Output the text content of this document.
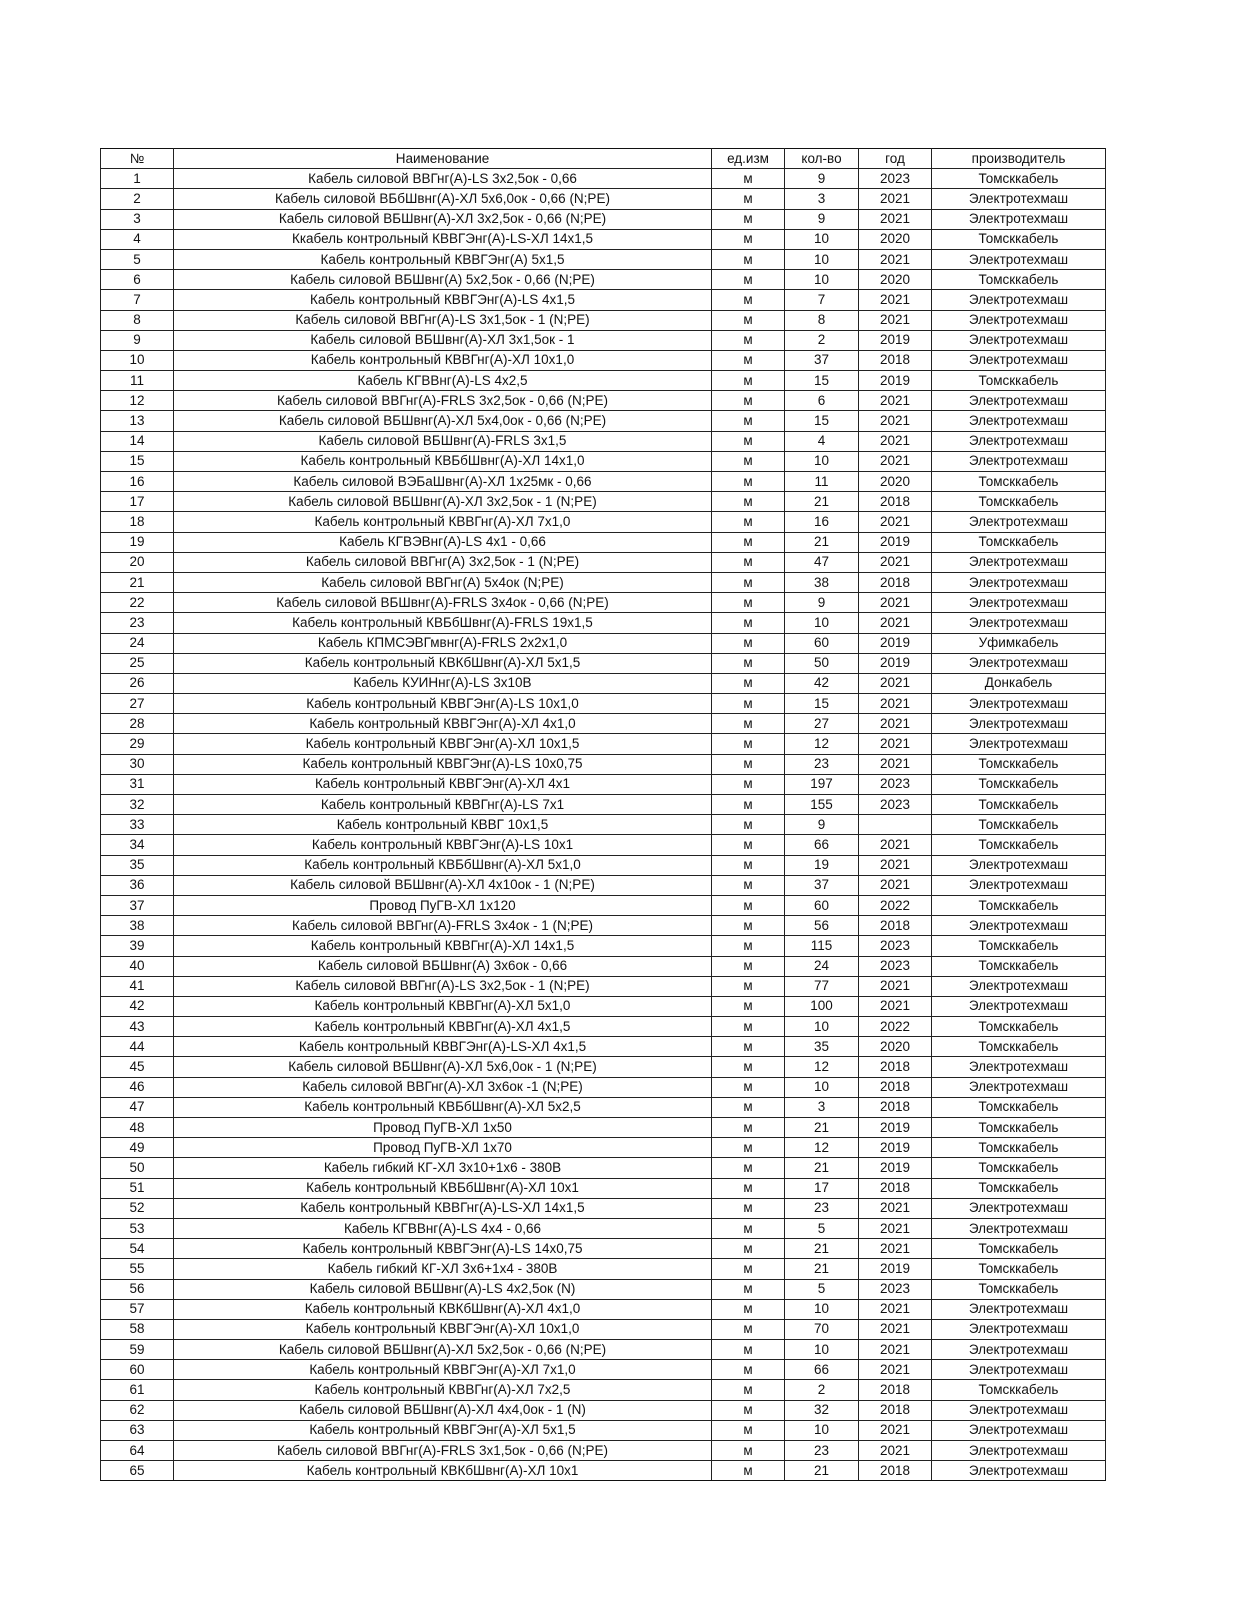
№	Наименование	ед.изм	кол-во	год	производитель
1	Кабель силовой ВВГнг(А)-LS 3х2,5ок - 0,66	м	9	2023	Томсккабель
2	Кабель силовой ВБбШвнг(А)-ХЛ 5х6,0ок - 0,66 (N;PE)	м	3	2021	Электротехмаш
3	Кабель силовой ВБШвнг(А)-ХЛ 3х2,5ок - 0,66 (N;PE)	м	9	2021	Электротехмаш
4	Ккабель контрольный КВВГЭнг(А)-LS-ХЛ 14х1,5	м	10	2020	Томсккабель
5	Кабель контрольный КВВГЭнг(А) 5х1,5	м	10	2021	Электротехмаш
6	Кабель силовой ВБШвнг(А) 5х2,5ок - 0,66 (N;PE)	м	10	2020	Томсккабель
7	Кабель контрольный КВВГЭнг(А)-LS 4х1,5	м	7	2021	Электротехмаш
8	Кабель силовой ВВГнг(А)-LS 3х1,5ок - 1 (N;PE)	м	8	2021	Электротехмаш
9	Кабель силовой ВБШвнг(А)-ХЛ 3х1,5ок - 1	м	2	2019	Электротехмаш
10	Кабель контрольный КВВГнг(А)-ХЛ 10х1,0	м	37	2018	Электротехмаш
11	Кабель КГВВнг(А)-LS 4х2,5	м	15	2019	Томсккабель
12	Кабель силовой ВВГнг(А)-FRLS 3х2,5ок - 0,66 (N;PE)	м	6	2021	Электротехмаш
13	Кабель силовой ВБШвнг(А)-ХЛ 5х4,0ок - 0,66 (N;PE)	м	15	2021	Электротехмаш
14	Кабель силовой ВБШвнг(А)-FRLS 3х1,5	м	4	2021	Электротехмаш
15	Кабель контрольный КВБбШвнг(А)-ХЛ 14х1,0	м	10	2021	Электротехмаш
16	Кабель силовой ВЭБаШвнг(А)-ХЛ 1х25мк - 0,66	м	11	2020	Томсккабель
17	Кабель силовой ВБШвнг(А)-ХЛ 3х2,5ок - 1 (N;PE)	м	21	2018	Томсккабель
18	Кабель контрольный КВВГнг(А)-ХЛ 7х1,0	м	16	2021	Электротехмаш
19	Кабель КГВЭВнг(А)-LS 4х1 - 0,66	м	21	2019	Томсккабель
20	Кабель силовой ВВГнг(А) 3х2,5ок - 1 (N;PE)	м	47	2021	Электротехмаш
21	Кабель силовой ВВГнг(А) 5х4ок (N;PE)	м	38	2018	Электротехмаш
22	Кабель силовой ВБШвнг(А)-FRLS 3х4ок - 0,66 (N;PE)	м	9	2021	Электротехмаш
23	Кабель контрольный КВБбШвнг(А)-FRLS 19х1,5	м	10	2021	Электротехмаш
24	Кабель КПМСЭВГмвнг(А)-FRLS 2х2х1,0	м	60	2019	Уфимкабель
25	Кабель контрольный КВКбШвнг(А)-ХЛ 5х1,5	м	50	2019	Электротехмаш
26	Кабель КУИНнг(А)-LS 3х10В	м	42	2021	Донкабель
27	Кабель контрольный КВВГЭнг(А)-LS 10х1,0	м	15	2021	Электротехмаш
28	Кабель контрольный КВВГЭнг(А)-ХЛ 4х1,0	м	27	2021	Электротехмаш
29	Кабель контрольный КВВГЭнг(А)-ХЛ 10х1,5	м	12	2021	Электротехмаш
30	Кабель контрольный КВВГЭнг(А)-LS 10х0,75	м	23	2021	Томсккабель
31	Кабель контрольный КВВГЭнг(А)-ХЛ 4х1	м	197	2023	Томсккабель
32	Кабель контрольный КВВГнг(А)-LS 7х1	м	155	2023	Томсккабель
33	Кабель контрольный КВВГ 10х1,5	м	9		Томсккабель
34	Кабель контрольный КВВГЭнг(А)-LS 10х1	м	66	2021	Томсккабель
35	Кабель контрольный КВБбШвнг(А)-ХЛ 5х1,0	м	19	2021	Электротехмаш
36	Кабель силовой ВБШвнг(А)-ХЛ 4х10ок - 1 (N;PE)	м	37	2021	Электротехмаш
37	Провод ПуГВ-ХЛ 1х120	м	60	2022	Томсккабель
38	Кабель силовой ВВГнг(А)-FRLS 3х4ок - 1 (N;PE)	м	56	2018	Электротехмаш
39	Кабель контрольный КВВГнг(А)-ХЛ 14х1,5	м	115	2023	Томсккабель
40	Кабель силовой ВБШвнг(А) 3х6ок - 0,66	м	24	2023	Томсккабель
41	Кабель силовой ВВГнг(А)-LS 3х2,5ок - 1 (N;PE)	м	77	2021	Электротехмаш
42	Кабель контрольный КВВГнг(А)-ХЛ 5х1,0	м	100	2021	Электротехмаш
43	Кабель контрольный КВВГнг(А)-ХЛ 4х1,5	м	10	2022	Томсккабель
44	Кабель контрольный КВВГЭнг(А)-LS-ХЛ 4х1,5	м	35	2020	Томсккабель
45	Кабель силовой ВБШвнг(А)-ХЛ 5х6,0ок - 1 (N;PE)	м	12	2018	Электротехмаш
46	Кабель силовой ВВГнг(А)-ХЛ 3х6ок -1 (N;PE)	м	10	2018	Электротехмаш
47	Кабель контрольный КВБбШвнг(А)-ХЛ 5х2,5	м	3	2018	Томсккабель
48	Провод ПуГВ-ХЛ 1х50	м	21	2019	Томсккабель
49	Провод ПуГВ-ХЛ 1х70	м	12	2019	Томсккабель
50	Кабель гибкий КГ-ХЛ 3х10+1х6 - 380В	м	21	2019	Томсккабель
51	Кабель контрольный КВБбШвнг(А)-ХЛ 10х1	м	17	2018	Томсккабель
52	Кабель контрольный КВВГнг(А)-LS-ХЛ 14х1,5	м	23	2021	Электротехмаш
53	Кабель КГВВнг(А)-LS 4х4 - 0,66	м	5	2021	Электротехмаш
54	Кабель контрольный КВВГЭнг(А)-LS 14х0,75	м	21	2021	Томсккабель
55	Кабель гибкий КГ-ХЛ 3х6+1х4 - 380В	м	21	2019	Томсккабель
56	Кабель силовой ВБШвнг(А)-LS 4х2,5ок (N)	м	5	2023	Томсккабель
57	Кабель контрольный КВКбШвнг(А)-ХЛ 4х1,0	м	10	2021	Электротехмаш
58	Кабель контрольный КВВГЭнг(А)-ХЛ 10х1,0	м	70	2021	Электротехмаш
59	Кабель силовой ВБШвнг(А)-ХЛ 5х2,5ок - 0,66 (N;PE)	м	10	2021	Электротехмаш
60	Кабель контрольный КВВГЭнг(А)-ХЛ 7х1,0	м	66	2021	Электротехмаш
61	Кабель контрольный КВВГнг(А)-ХЛ 7х2,5	м	2	2018	Томсккабель
62	Кабель силовой ВБШвнг(А)-ХЛ 4х4,0ок - 1 (N)	м	32	2018	Электротехмаш
63	Кабель контрольный КВВГЭнг(А)-ХЛ 5х1,5	м	10	2021	Электротехмаш
64	Кабель силовой ВВГнг(А)-FRLS 3х1,5ок - 0,66 (N;PE)	м	23	2021	Электротехмаш
65	Кабель контрольный КВКбШвнг(А)-ХЛ 10х1	м	21	2018	Электротехмаш
